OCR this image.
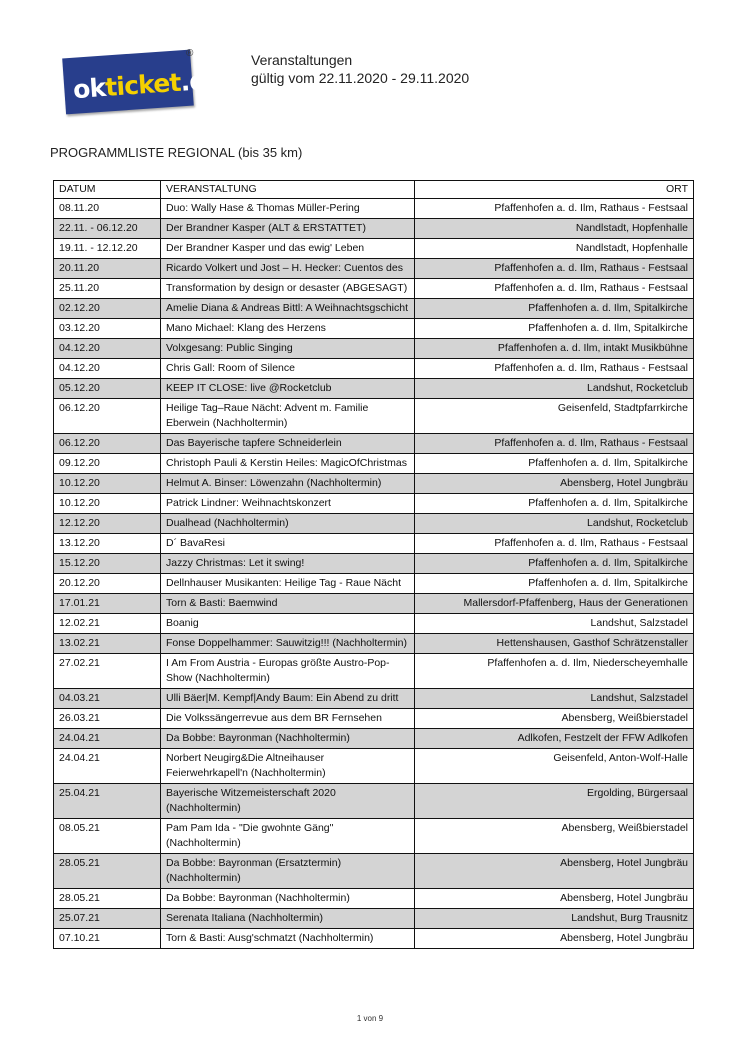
okticket.de
®	Veranstaltungen
gültig vom 22.11.2020 - 29.11.2020
PROGRAMMLISTE REGIONAL (bis 35 km)
DATUM	VERANSTALTUNG	ORT
08.11.20	Duo: Wally Hase & Thomas Müller-Pering	Pfaffenhofen a. d. Ilm, Rathaus - Festsaal
22.11. - 06.12.20	Der Brandner Kasper (ALT & ERSTATTET)	Nandlstadt, Hopfenhalle
19.11. - 12.12.20	Der Brandner Kasper und das ewig' Leben	Nandlstadt, Hopfenhalle
20.11.20	Ricardo Volkert und Jost – H. Hecker: Cuentos des	Pfaffenhofen a. d. Ilm, Rathaus - Festsaal
25.11.20	Transformation by design or desaster (ABGESAGT)	Pfaffenhofen a. d. Ilm, Rathaus - Festsaal
02.12.20	Amelie Diana & Andreas Bittl: A Weihnachtsgschicht	Pfaffenhofen a. d. Ilm, Spitalkirche
03.12.20	Mano Michael: Klang des Herzens	Pfaffenhofen a. d. Ilm, Spitalkirche
04.12.20	Volxgesang: Public Singing	Pfaffenhofen a. d. Ilm, intakt Musikbühne
04.12.20	Chris Gall: Room of Silence	Pfaffenhofen a. d. Ilm, Rathaus - Festsaal
05.12.20	KEEP IT CLOSE: live @Rocketclub	Landshut, Rocketclub
06.12.20	Heilige Tag–Raue Nächt: Advent m. Familie Eberwein (Nachholtermin)	Geisenfeld, Stadtpfarrkirche
06.12.20	Das Bayerische tapfere Schneiderlein	Pfaffenhofen a. d. Ilm, Rathaus - Festsaal
09.12.20	Christoph Pauli & Kerstin Heiles: MagicOfChristmas	Pfaffenhofen a. d. Ilm, Spitalkirche
10.12.20	Helmut A. Binser: Löwenzahn (Nachholtermin)	Abensberg, Hotel Jungbräu
10.12.20	Patrick Lindner: Weihnachtskonzert	Pfaffenhofen a. d. Ilm, Spitalkirche
12.12.20	Dualhead (Nachholtermin)	Landshut, Rocketclub
13.12.20	D´ BavaResi	Pfaffenhofen a. d. Ilm, Rathaus - Festsaal
15.12.20	Jazzy Christmas: Let it swing!	Pfaffenhofen a. d. Ilm, Spitalkirche
20.12.20	Dellnhauser Musikanten: Heilige Tag - Raue Nächt	Pfaffenhofen a. d. Ilm, Spitalkirche
17.01.21	Torn & Basti: Baemwind	Mallersdorf-Pfaffenberg, Haus der Generationen
12.02.21	Boanig	Landshut, Salzstadel
13.02.21	Fonse Doppelhammer: Sauwitzig!!! (Nachholtermin)	Hettenshausen, Gasthof Schrätzenstaller
27.02.21	I Am From Austria - Europas größte Austro-Pop-Show (Nachholtermin)	Pfaffenhofen a. d. Ilm, Niederscheyemhalle
04.03.21	Ulli Bäer|M. Kempf|Andy Baum: Ein Abend zu dritt	Landshut, Salzstadel
26.03.21	Die Volkssängerrevue aus dem BR Fernsehen	Abensberg, Weißbierstadel
24.04.21	Da Bobbe: Bayronman (Nachholtermin)	Adlkofen, Festzelt der FFW Adlkofen
24.04.21	Norbert Neugirg&Die Altneihauser Feierwehrkapell'n (Nachholtermin)	Geisenfeld, Anton-Wolf-Halle
25.04.21	Bayerische Witzemeisterschaft 2020 (Nachholtermin)	Ergolding, Bürgersaal
08.05.21	Pam Pam Ida - "Die gwohnte Gäng" (Nachholtermin)	Abensberg, Weißbierstadel
28.05.21	Da Bobbe: Bayronman (Ersatztermin) (Nachholtermin)	Abensberg, Hotel Jungbräu
28.05.21	Da Bobbe: Bayronman (Nachholtermin)	Abensberg, Hotel Jungbräu
25.07.21	Serenata Italiana (Nachholtermin)	Landshut, Burg Trausnitz
07.10.21	Torn & Basti: Ausg'schmatzt (Nachholtermin)	Abensberg, Hotel Jungbräu
1 von 9
